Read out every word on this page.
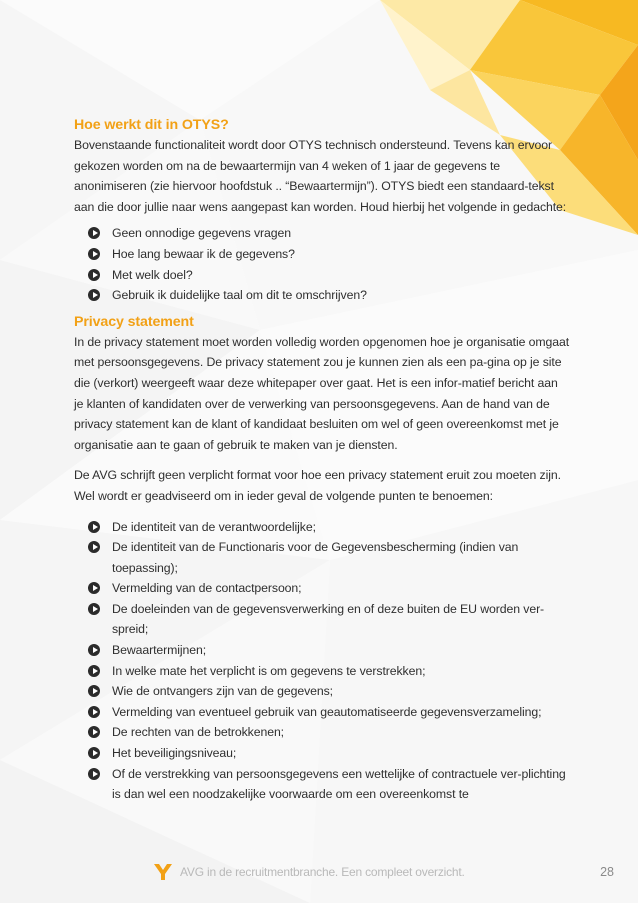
Hoe werkt dit in OTYS?

Bovenstaande functionaliteit wordt door OTYS technisch ondersteund. Tevens kan ervoor gekozen worden om na de bewaartermijn van 4 weken of 1 jaar de gegevens te anonimiseren (zie hiervoor hoofdstuk .. “Bewaartermijn”). OTYS biedt een standaard-tekst aan die door jullie naar wens aangepast kan worden. Houd hierbij het volgende in gedachte:

Geen onnodige gegevens vragen
Hoe lang bewaar ik de gegevens?
Met welk doel?
Gebruik ik duidelijke taal om dit te omschrijven?
Privacy statement

In de privacy statement moet worden volledig worden opgenomen hoe je organisatie omgaat met persoonsgegevens. De privacy statement zou je kunnen zien als een pa-gina op je site die (verkort) weergeeft waar deze whitepaper over gaat. Het is een infor-matief bericht aan je klanten of kandidaten over de verwerking van persoonsgegevens. Aan de hand van de privacy statement kan de klant of kandidaat besluiten om wel of geen overeenkomst met je organisatie aan te gaan of gebruik te maken van je diensten.

De AVG schrijft geen verplicht format voor hoe een privacy statement eruit zou moeten zijn. Wel wordt er geadviseerd om in ieder geval de volgende punten te benoemen:

De identiteit van de verantwoordelijke;
De identiteit van de Functionaris voor de Gegevensbescherming (indien van toepassing);
Vermelding van de contactpersoon;
De doeleinden van de gegevensverwerking en of deze buiten de EU worden ver-spreid;
Bewaartermijnen;
In welke mate het verplicht is om gegevens te verstrekken;
Wie de ontvangers zijn van de gegevens;
Vermelding van eventueel gebruik van geautomatiseerde gegevensverzameling;
De rechten van de betrokkenen;
Het beveiligingsniveau;
Of de verstrekking van persoonsgegevens een wettelijke of contractuele ver-plichting is dan wel een noodzakelijke voorwaarde om een overeenkomst te
AVG in de recruitmentbranche. Een compleet overzicht.	28
